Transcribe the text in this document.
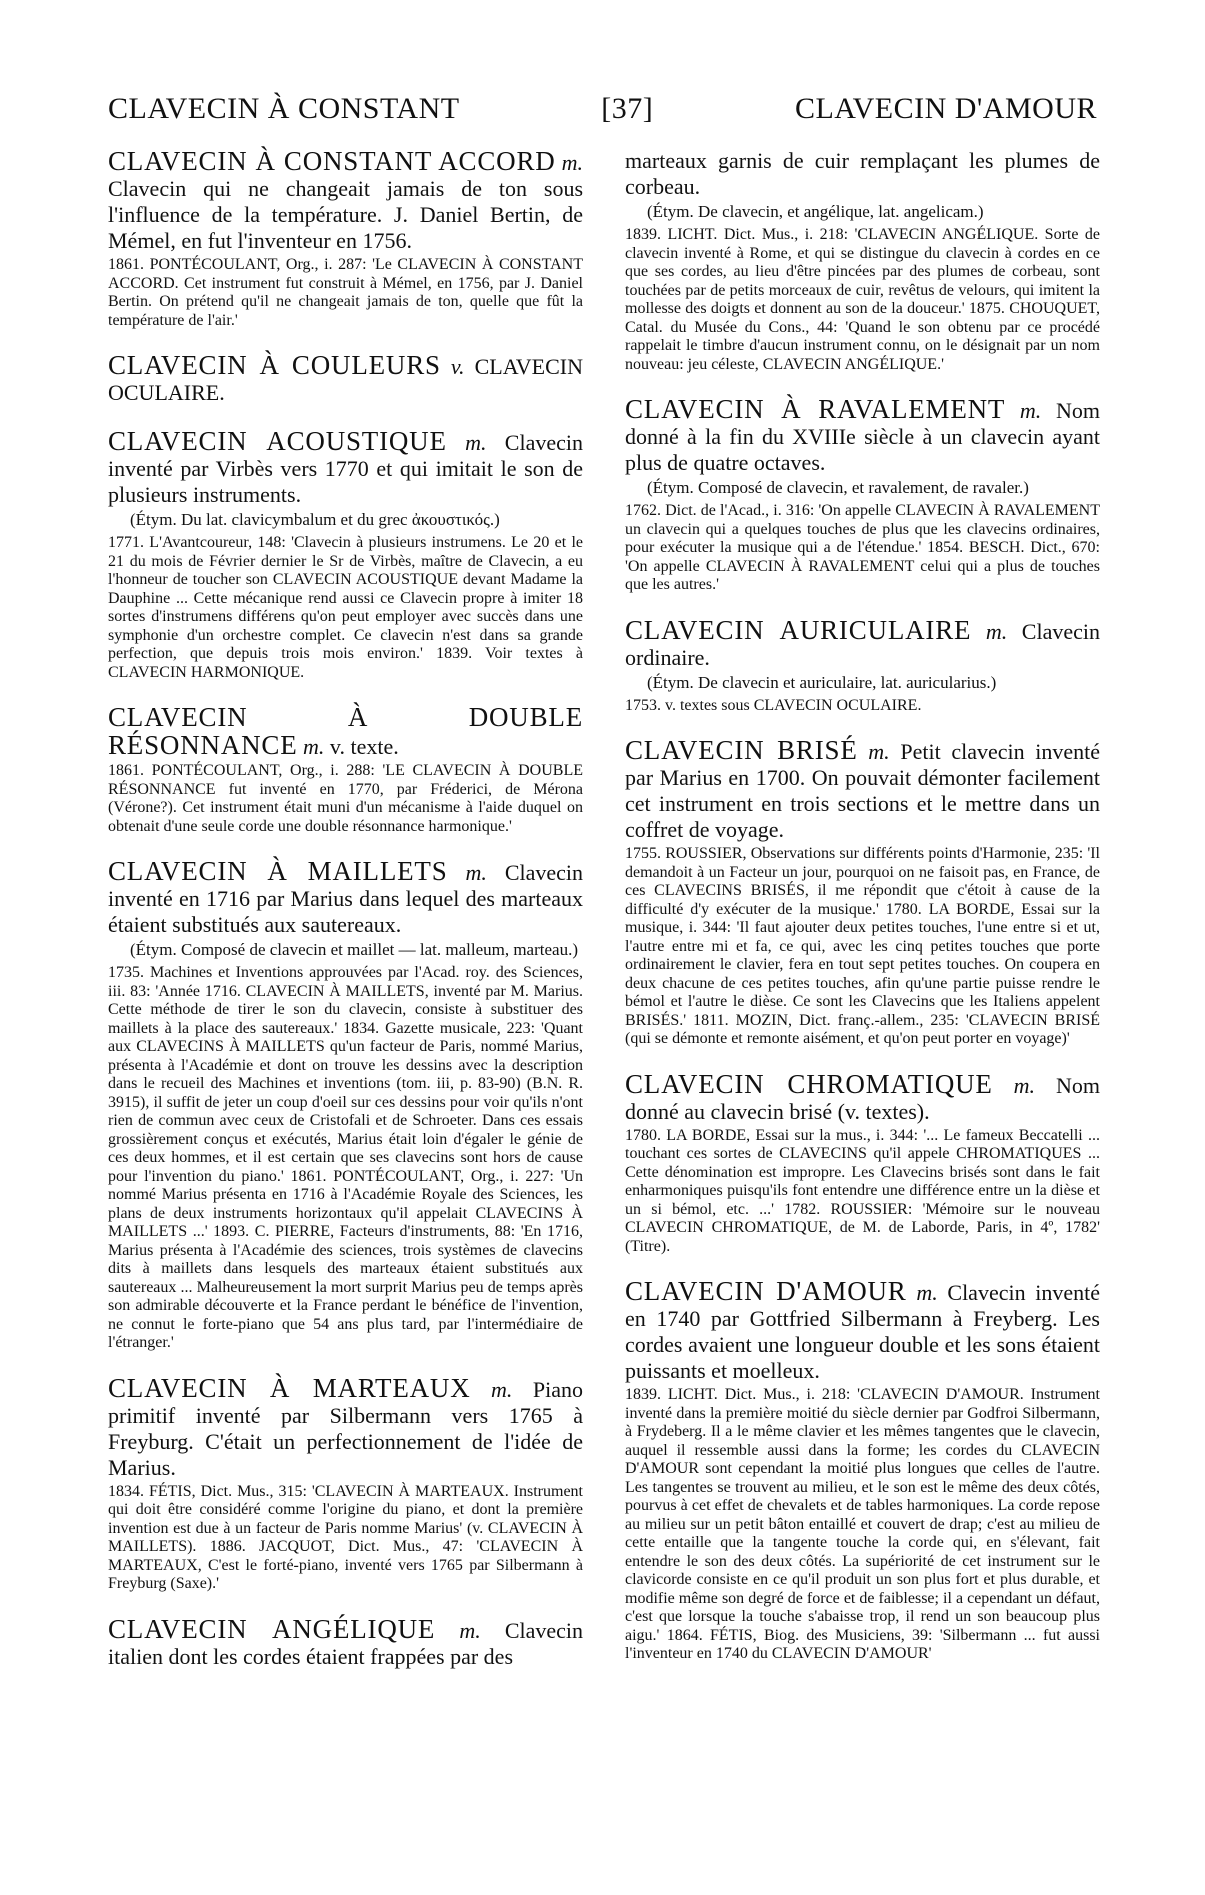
CLAVECIN À CONSTANT	[37]	CLAVECIN D'AMOUR

CLAVECIN À CONSTANT ACCORD m. Clavecin qui ne changeait jamais de ton sous l'influence de la température. J. Daniel Bertin, de Mémel, en fut l'inventeur en 1756.

1861. PONTÉCOULANT, Org., i. 287: 'Le CLAVECIN À CONSTANT ACCORD. Cet instrument fut construit à Mémel, en 1756, par J. Daniel Bertin. On prétend qu'il ne changeait jamais de ton, quelle que fût la température de l'air.'

CLAVECIN À COULEURS v. CLAVECIN OCULAIRE.

CLAVECIN ACOUSTIQUE m. Clavecin inventé par Virbès vers 1770 et qui imitait le son de plusieurs instruments.

(Étym. Du lat. clavicymbalum et du grec ἀκουστικός.)

1771. L'Avantcoureur, 148: 'Clavecin à plusieurs instrumens. Le 20 et le 21 du mois de Février dernier le Sr de Virbès, maître de Clavecin, a eu l'honneur de toucher son CLAVECIN ACOUSTIQUE devant Madame la Dauphine ... Cette mécanique rend aussi ce Clavecin propre à imiter 18 sortes d'instrumens différens qu'on peut employer avec succès dans une symphonie d'un orchestre complet. Ce clavecin n'est dans sa grande perfection, que depuis trois mois environ.' 1839. Voir textes à CLAVECIN HARMONIQUE.

CLAVECIN À DOUBLE RÉSONNANCE m. v. texte.

1861. PONTÉCOULANT, Org., i. 288: 'LE CLAVECIN À DOUBLE RÉSONNANCE fut inventé en 1770, par Fréderici, de Mérona (Vérone?). Cet instrument était muni d'un mécanisme à l'aide duquel on obtenait d'une seule corde une double résonnance harmonique.'

CLAVECIN À MAILLETS m. Clavecin inventé en 1716 par Marius dans lequel des marteaux étaient substitués aux sautereaux.

(Étym. Composé de clavecin et maillet — lat. malleum, marteau.)

1735. Machines et Inventions approuvées par l'Acad. roy. des Sciences, iii. 83: 'Année 1716. CLAVECIN À MAILLETS, inventé par M. Marius. Cette méthode de tirer le son du clavecin, consiste à substituer des maillets à la place des sautereaux.' 1834. Gazette musicale, 223: 'Quant aux CLAVECINS À MAILLETS qu'un facteur de Paris, nommé Marius, présenta à l'Académie et dont on trouve les dessins avec la description dans le recueil des Machines et inventions (tom. iii, p. 83-90) (B.N. R. 3915), il suffit de jeter un coup d'oeil sur ces dessins pour voir qu'ils n'ont rien de commun avec ceux de Cristofali et de Schroeter. Dans ces essais grossièrement conçus et exécutés, Marius était loin d'égaler le génie de ces deux hommes, et il est certain que ses clavecins sont hors de cause pour l'invention du piano.' 1861. PONTÉCOULANT, Org., i. 227: 'Un nommé Marius présenta en 1716 à l'Académie Royale des Sciences, les plans de deux instruments horizontaux qu'il appelait CLAVECINS À MAILLETS ...' 1893. C. PIERRE, Facteurs d'instruments, 88: 'En 1716, Marius présenta à l'Académie des sciences, trois systèmes de clavecins dits à maillets dans lesquels des marteaux étaient substitués aux sautereaux ... Malheureusement la mort surprit Marius peu de temps après son admirable découverte et la France perdant le bénéfice de l'invention, ne connut le forte-piano que 54 ans plus tard, par l'intermédiaire de l'étranger.'

CLAVECIN À MARTEAUX m. Piano primitif inventé par Silbermann vers 1765 à Freyburg. C'était un perfectionnement de l'idée de Marius.

1834. FÉTIS, Dict. Mus., 315: 'CLAVECIN À MARTEAUX. Instrument qui doit être considéré comme l'origine du piano, et dont la première invention est due à un facteur de Paris nomme Marius' (v. CLAVECIN À MAILLETS). 1886. JACQUOT, Dict. Mus., 47: 'CLAVECIN À MARTEAUX, C'est le forté-piano, inventé vers 1765 par Silbermann à Freyburg (Saxe).'

CLAVECIN ANGÉLIQUE m. Clavecin italien dont les cordes étaient frappées par des

marteaux garnis de cuir remplaçant les plumes de corbeau.

(Étym. De clavecin, et angélique, lat. angelicam.)

1839. LICHT. Dict. Mus., i. 218: 'CLAVECIN ANGÉLIQUE. Sorte de clavecin inventé à Rome, et qui se distingue du clavecin à cordes en ce que ses cordes, au lieu d'être pincées par des plumes de corbeau, sont touchées par de petits morceaux de cuir, revêtus de velours, qui imitent la mollesse des doigts et donnent au son de la douceur.' 1875. CHOUQUET, Catal. du Musée du Cons., 44: 'Quand le son obtenu par ce procédé rappelait le timbre d'aucun instrument connu, on le désignait par un nom nouveau: jeu céleste, CLAVECIN ANGÉLIQUE.'

CLAVECIN À RAVALEMENT m. Nom donné à la fin du XVIIIe siècle à un clavecin ayant plus de quatre octaves.

(Étym. Composé de clavecin, et ravalement, de ravaler.)

1762. Dict. de l'Acad., i. 316: 'On appelle CLAVECIN À RAVALEMENT un clavecin qui a quelques touches de plus que les clavecins ordinaires, pour exécuter la musique qui a de l'étendue.' 1854. BESCH. Dict., 670: 'On appelle CLAVECIN À RAVALEMENT celui qui a plus de touches que les autres.'

CLAVECIN AURICULAIRE m. Clavecin ordinaire.

(Étym. De clavecin et auriculaire, lat. auricularius.)

1753. v. textes sous CLAVECIN OCULAIRE.

CLAVECIN BRISÉ m. Petit clavecin inventé par Marius en 1700. On pouvait démonter facilement cet instrument en trois sections et le mettre dans un coffret de voyage.

1755. ROUSSIER, Observations sur différents points d'Harmonie, 235: 'Il demandoit à un Facteur un jour, pourquoi on ne faisoit pas, en France, de ces CLAVECINS BRISÉS, il me répondit que c'étoit à cause de la difficulté d'y exécuter de la musique.' 1780. LA BORDE, Essai sur la musique, i. 344: 'Il faut ajouter deux petites touches, l'une entre si et ut, l'autre entre mi et fa, ce qui, avec les cinq petites touches que porte ordinairement le clavier, fera en tout sept petites touches. On coupera en deux chacune de ces petites touches, afin qu'une partie puisse rendre le bémol et l'autre le dièse. Ce sont les Clavecins que les Italiens appelent BRISÉS.' 1811. MOZIN, Dict. franç.-allem., 235: 'CLAVECIN BRISÉ (qui se démonte et remonte aisément, et qu'on peut porter en voyage)'

CLAVECIN CHROMATIQUE m. Nom donné au clavecin brisé (v. textes).

1780. LA BORDE, Essai sur la mus., i. 344: '... Le fameux Beccatelli ... touchant ces sortes de CLAVECINS qu'il appele CHROMATIQUES ... Cette dénomination est impropre. Les Clavecins brisés sont dans le fait enharmoniques puisqu'ils font entendre une différence entre un la dièse et un si bémol, etc. ...' 1782. ROUSSIER: 'Mémoire sur le nouveau CLAVECIN CHROMATIQUE, de M. de Laborde, Paris, in 4º, 1782' (Titre).

CLAVECIN D'AMOUR m. Clavecin inventé en 1740 par Gottfried Silbermann à Freyberg. Les cordes avaient une longueur double et les sons étaient puissants et moelleux.

1839. LICHT. Dict. Mus., i. 218: 'CLAVECIN D'AMOUR. Instrument inventé dans la première moitié du siècle dernier par Godfroi Silbermann, à Frydeberg. Il a le même clavier et les mêmes tangentes que le clavecin, auquel il ressemble aussi dans la forme; les cordes du CLAVECIN D'AMOUR sont cependant la moitié plus longues que celles de l'autre. Les tangentes se trouvent au milieu, et le son est le même des deux côtés, pourvus à cet effet de chevalets et de tables harmoniques. La corde repose au milieu sur un petit bâton entaillé et couvert de drap; c'est au milieu de cette entaille que la tangente touche la corde qui, en s'élevant, fait entendre le son des deux côtés. La supériorité de cet instrument sur le clavicorde consiste en ce qu'il produit un son plus fort et plus durable, et modifie même son degré de force et de faiblesse; il a cependant un défaut, c'est que lorsque la touche s'abaisse trop, il rend un son beaucoup plus aigu.' 1864. FÉTIS, Biog. des Musiciens, 39: 'Silbermann ... fut aussi l'inventeur en 1740 du CLAVECIN D'AMOUR'
